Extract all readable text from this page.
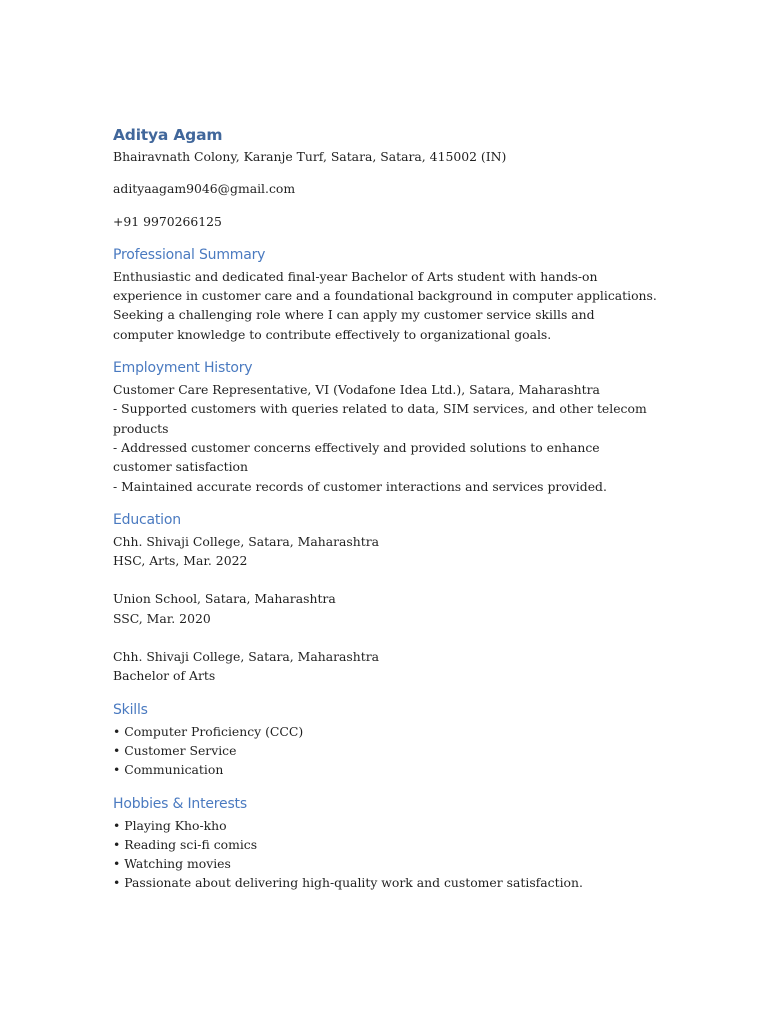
Aditya Agam
Bhairavnath Colony, Karanje Turf, Satara, Satara, 415002 (IN)
adityaagam9046@gmail.com
+91 9970266125
Professional Summary
Enthusiastic and dedicated final-year Bachelor of Arts student with hands-on experience in customer care and a foundational background in computer applications. Seeking a challenging role where I can apply my customer service skills and computer knowledge to contribute effectively to organizational goals.
Employment History
Customer Care Representative, VI (Vodafone Idea Ltd.), Satara, Maharashtra
- Supported customers with queries related to data, SIM services, and other telecom products
- Addressed customer concerns effectively and provided solutions to enhance customer satisfaction
- Maintained accurate records of customer interactions and services provided.
Education
Chh. Shivaji College, Satara, Maharashtra
HSC, Arts, Mar. 2022
Union School, Satara, Maharashtra
SSC, Mar. 2020
Chh. Shivaji College, Satara, Maharashtra
Bachelor of Arts
Skills
• Computer Proficiency (CCC)
• Customer Service
• Communication
Hobbies & Interests
• Playing Kho-kho
• Reading sci-fi comics
• Watching movies
• Passionate about delivering high-quality work and customer satisfaction.
